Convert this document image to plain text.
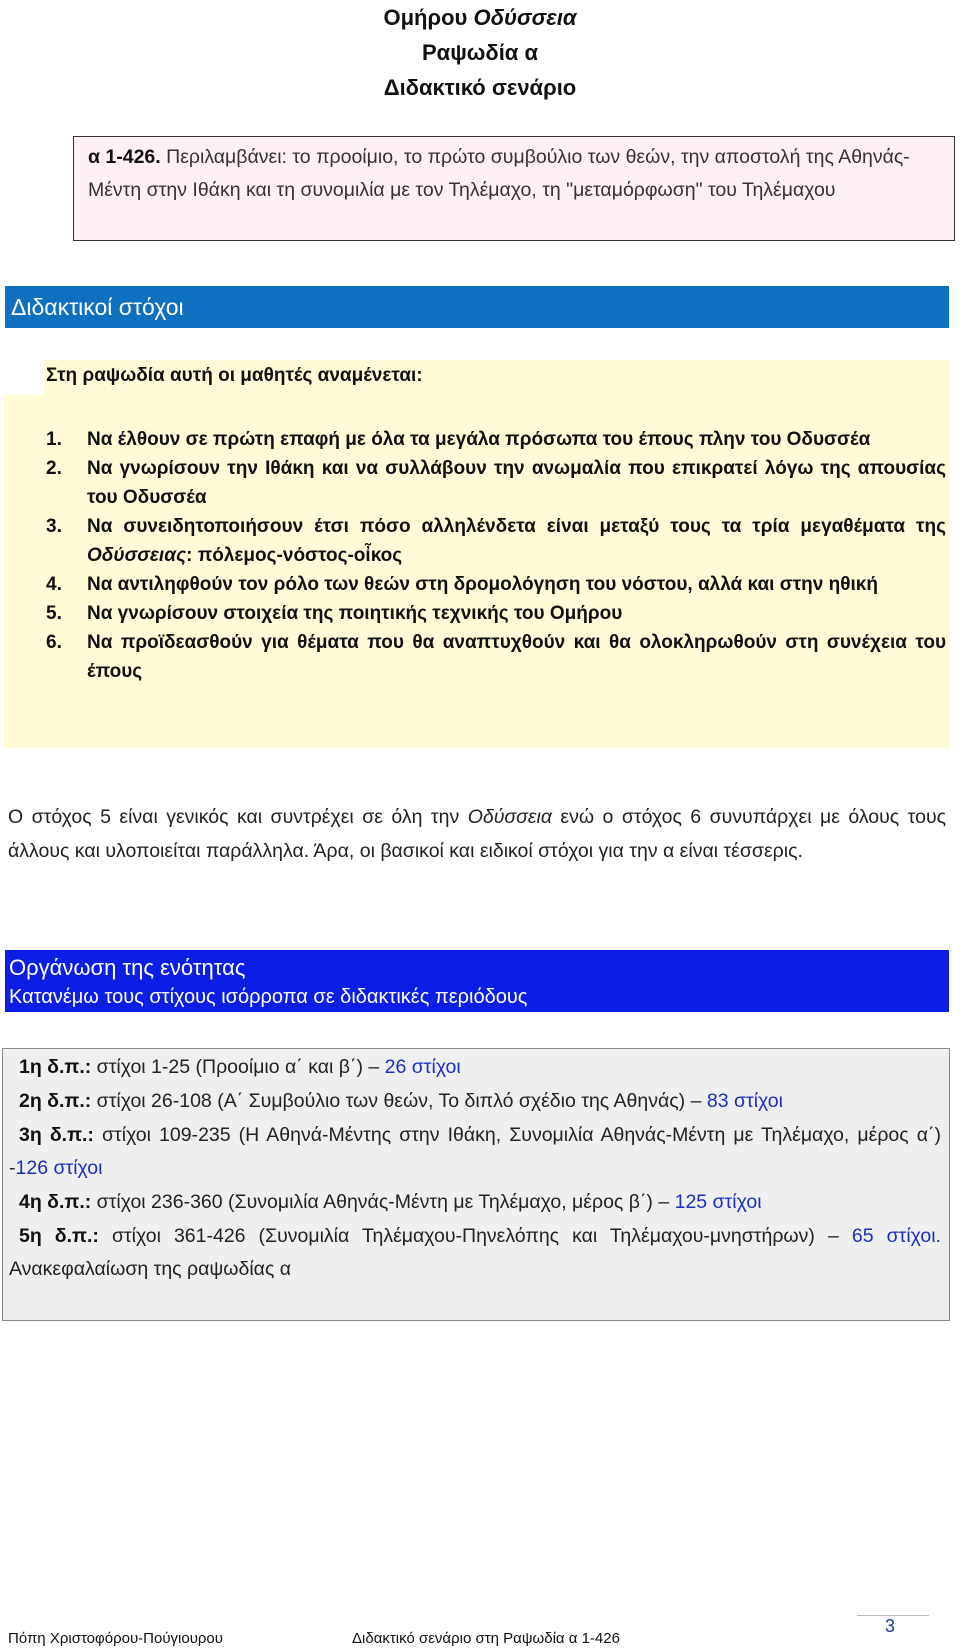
Ομήρου Οδύσσεια
Ραψωδία α
Διδακτικό σενάριο
α 1-426. Περιλαμβάνει: το προοίμιο, το πρώτο συμβούλιο των θεών, την αποστολή της Αθηνάς-Μέντη στην Ιθάκη και τη συνομιλία με τον Τηλέμαχο, τη "μεταμόρφωση" του Τηλέμαχου
Διδακτικοί στόχοι
Στη ραψωδία αυτή οι μαθητές αναμένεται:
1. Να έλθουν σε πρώτη επαφή με όλα τα μεγάλα πρόσωπα του έπους πλην του Οδυσσέα
2. Να γνωρίσουν την Ιθάκη και να συλλάβουν την ανωμαλία που επικρατεί λόγω της απουσίας του Οδυσσέα
3. Να συνειδητοποιήσουν έτσι πόσο αλληλένδετα είναι μεταξύ τους τα τρία μεγαθέματα της Οδύσσειας: πόλεμος-νόστος-οἶκος
4. Να αντιληφθούν τον ρόλο των θεών στη δρομολόγηση του νόστου, αλλά και στην ηθική
5. Να γνωρίσουν στοιχεία της ποιητικής τεχνικής του Ομήρου
6. Να προϊδεασθούν για θέματα που θα αναπτυχθούν και θα ολοκληρωθούν στη συνέχεια του έπους
Ο στόχος 5 είναι γενικός και συντρέχει σε όλη την Οδύσσεια ενώ ο στόχος 6 συνυπάρχει με όλους τους άλλους και υλοποιείται παράλληλα. Άρα, οι βασικοί και ειδικοί στόχοι για την α είναι τέσσερις.
Οργάνωση της ενότητας
Κατανέμω τους στίχους ισόρροπα σε διδακτικές περιόδους
1η δ.π.: στίχοι 1-25 (Προοίμιο α΄ και β΄) – 26 στίχοι
2η δ.π.: στίχοι 26-108 (Α΄ Συμβούλιο των θεών, Το διπλό σχέδιο της Αθηνάς) – 83 στίχοι
3η δ.π.: στίχοι 109-235 (Η Αθηνά-Μέντης στην Ιθάκη, Συνομιλία Αθηνάς-Μέντη με Τηλέμαχο, μέρος α΄) -126 στίχοι
4η δ.π.: στίχοι 236-360 (Συνομιλία Αθηνάς-Μέντη με Τηλέμαχο, μέρος β΄) – 125 στίχοι
5η δ.π.: στίχοι 361-426 (Συνομιλία Τηλέμαχου-Πηνελόπης και Τηλέμαχου-μνηστήρων) – 65 στίχοι. Ανακεφαλαίωση της ραψωδίας α
3
Πόπη Χριστοφόρου-Πούγιουρου	Διδακτικό σενάριο στη Ραψωδία α 1-426
